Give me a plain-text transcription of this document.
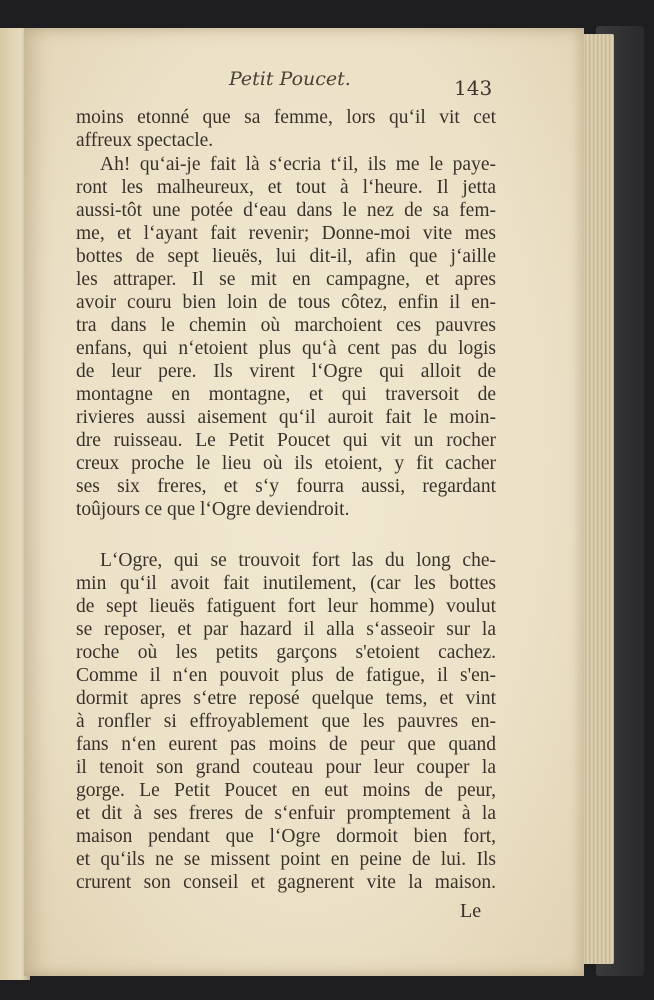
Petit Poucet.	143
moins etonné que sa femme, lors qu‘il vit cet
affreux spectacle.
Ah! qu‘ai-je fait là s‘ecria t‘il, ils me le paye-
ront les malheureux, et tout à l‘heure. Il jetta
aussi-tôt une potée d‘eau dans le nez de sa fem-
me, et l‘ayant fait revenir; Donne-moi vite mes
bottes de sept lieuës, lui dit-il, afin que j‘aille
les attraper. Il se mit en campagne, et apres
avoir couru bien loin de tous côtez, enfin il en-
tra dans le chemin où marchoient ces pauvres
enfans, qui n‘etoient plus qu‘à cent pas du logis
de leur pere. Ils virent l‘Ogre qui alloit de
montagne en montagne, et qui traversoit de
rivieres aussi aisement qu‘il auroit fait le moin-
dre ruisseau. Le Petit Poucet qui vit un rocher
creux proche le lieu où ils etoient, y fit cacher
ses six freres, et s‘y fourra aussi, regardant
toûjours ce que l‘Ogre deviendroit.
L‘Ogre, qui se trouvoit fort las du long che-
min qu‘il avoit fait inutilement, (car les bottes
de sept lieuës fatiguent fort leur homme) voulut
se reposer, et par hazard il alla s‘asseoir sur la
roche où les petits garçons s'etoient cachez.
Comme il n‘en pouvoit plus de fatigue, il s'en-
dormit apres s‘etre reposé quelque tems, et vint
à ronfler si effroyablement que les pauvres en-
fans n‘en eurent pas moins de peur que quand
il tenoit son grand couteau pour leur couper la
gorge. Le Petit Poucet en eut moins de peur,
et dit à ses freres de s‘enfuir promptement à la
maison pendant que l‘Ogre dormoit bien fort,
et qu‘ils ne se missent point en peine de lui. Ils
crurent son conseil et gagnerent vite la maison.
Le
